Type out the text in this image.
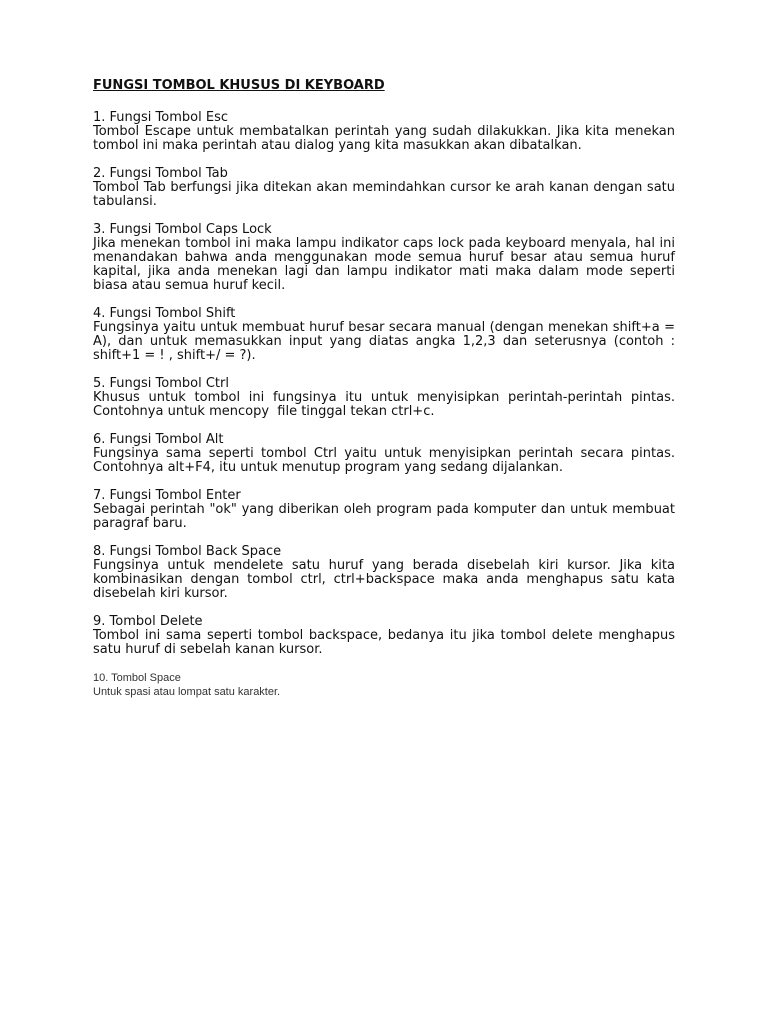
FUNGSI TOMBOL KHUSUS DI KEYBOARD
1. Fungsi Tombol Esc
Tombol Escape untuk membatalkan perintah yang sudah dilakukkan. Jika kita menekan tombol ini maka perintah atau dialog yang kita masukkan akan dibatalkan.
2. Fungsi Tombol Tab
Tombol Tab berfungsi jika ditekan akan memindahkan cursor ke arah kanan dengan satu tabulansi.
3. Fungsi Tombol Caps Lock
Jika menekan tombol ini maka lampu indikator caps lock pada keyboard menyala, hal ini menandakan bahwa anda menggunakan mode semua huruf besar atau semua huruf kapital, jika anda menekan lagi dan lampu indikator mati maka dalam mode seperti biasa atau semua huruf kecil.
4. Fungsi Tombol Shift
Fungsinya yaitu untuk membuat huruf besar secara manual (dengan menekan shift+a = A), dan untuk memasukkan input yang diatas angka 1,2,3 dan seterusnya (contoh : shift+1 = ! , shift+/ = ?).
5. Fungsi Tombol Ctrl
Khusus untuk tombol ini fungsinya itu untuk menyisipkan perintah-perintah pintas. Contohnya untuk mencopy  file tinggal tekan ctrl+c.
6. Fungsi Tombol Alt
Fungsinya sama seperti tombol Ctrl yaitu untuk menyisipkan perintah secara pintas. Contohnya alt+F4, itu untuk menutup program yang sedang dijalankan.
7. Fungsi Tombol Enter
Sebagai perintah "ok" yang diberikan oleh program pada komputer dan untuk membuat paragraf baru.
8. Fungsi Tombol Back Space
Fungsinya untuk mendelete satu huruf yang berada disebelah kiri kursor. Jika kita kombinasikan dengan tombol ctrl, ctrl+backspace maka anda menghapus satu kata disebelah kiri kursor.
9. Tombol Delete
Tombol ini sama seperti tombol backspace, bedanya itu jika tombol delete menghapus satu huruf di sebelah kanan kursor.
10. Tombol Space
Untuk spasi atau lompat satu karakter.
